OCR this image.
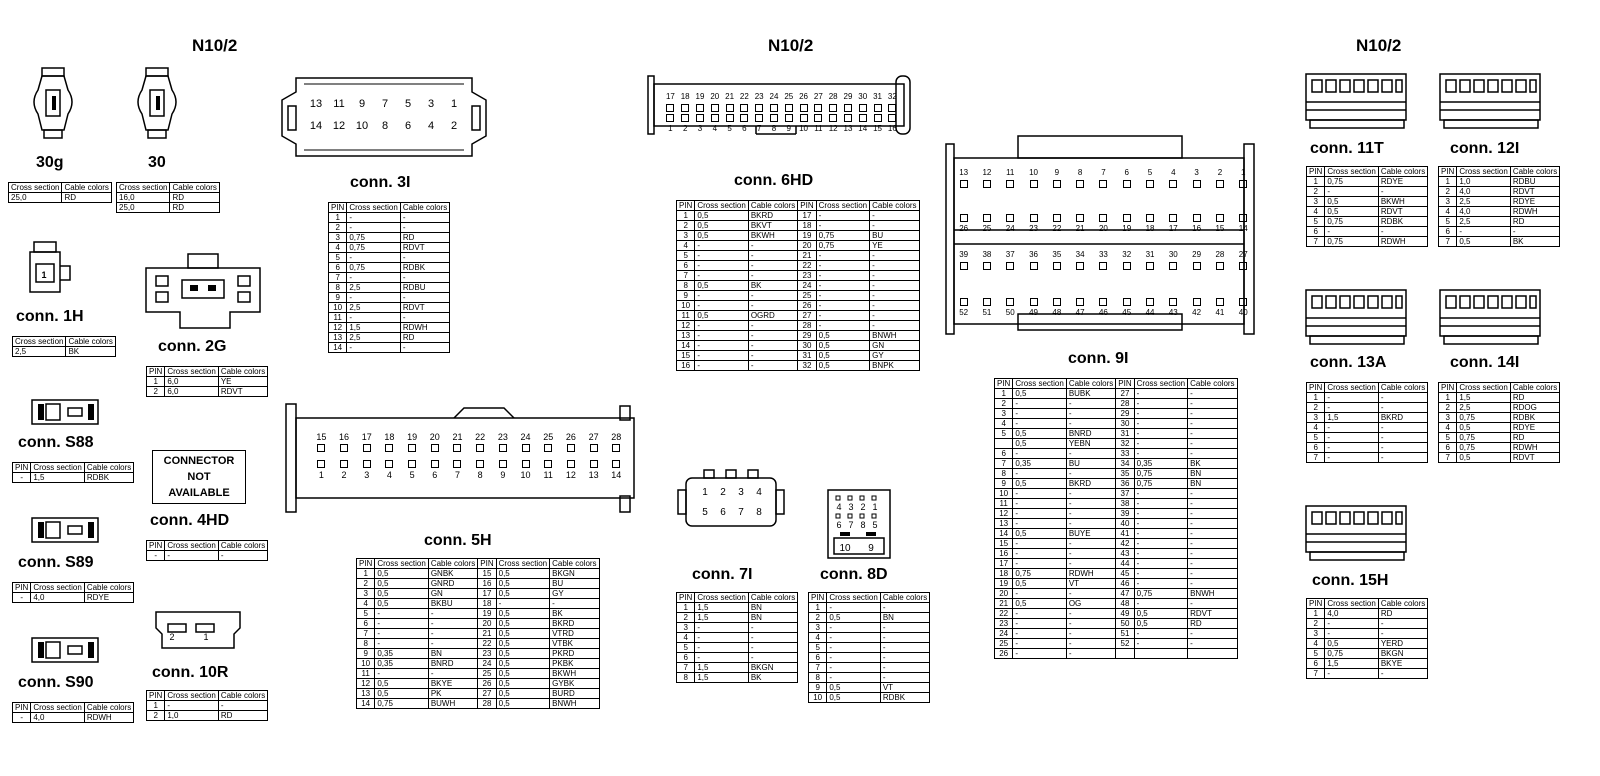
N10/2	N10/2	N10/2
30g
Cross section	Cable colors
25,0	RD
30
Cross section	Cable colors
16,0	RD
25,0	RD
1
conn. 1H
Cross section	Cable colors
2,5	BK	conn. 2G
PIN	Cross section	Cable colors
1	6,0	YE
2	6,0	RDVT
conn. S88
PIN	Cross section	Cable colors
-	1,5	RDBK
CONNECTOR
NOT
AVAILABLE
conn. 4HD
PIN	Cross section	Cable colors
-	-	-
conn. S89
PIN	Cross section	Cable colors
-	4,0	RDYE
2	1
conn. 10R
PIN	Cross section	Cable colors
1	-	-
2	1,0	RD
conn. S90
PIN	Cross section	Cable colors
-	4,0	RDWH
13 11	9	7	5	3	1
14 12 10	8	6	4	2
conn. 3I
PIN	Cross section	Cable colors
1	-	-
2	-	-
3	0,75	RD
4	0,75	RDVT
5	-	-
6	0,75	RDBK
7	-	-
8	2,5	RDBU
9	-	-
10	2,5	RDVT
11	-	-
12	1,5	RDWH
13	2,5	RD
14	-	-
15 16 17 18 19 20 21 22 23 24 25 26 27 28
1 2 3 4 5 6 7 8 9 10 11 12 13 14
conn. 5H
PIN	Cross section	Cable colors	PIN	Cross section	Cable colors
1	0,5	GNBK	15	0,5	BKGN
2	0,5	GNRD	16	0,5	BU
3	0,5	GN	17	0,5	GY
4	0,5	BKBU	18	-	-
5	-	-	19	0,5	BK
6	-	-	20	0,5	BKRD
7	-	-	21	0,5	VTRD
8	-	-	22	0,5	VTBK
9	0,35	BN	23	0,5	PKRD
10	0,35	BNRD	24	0,5	PKBK
11	-	-	25	0,5	BKWH
12	0,5	BKYE	26	0,5	GYBK
13	0,5	PK	27	0,5	BURD
14	0,75	BUWH	28	0,5	BNWH
17 18 19 20 21 22 23 24 25 26 27 28 29 30 31 32
1 2 3 4 5 6 7 8 9 10 11 12 13 14 15 16
conn. 6HD
PIN	Cross section	Cable colors	PIN	Cross section	Cable colors
1	0,5	BKRD	17	-	-
2	0,5	BKVT	18	-	-
3	0,5	BKWH	19	0,75	BU
4	-	-	20	0,75	YE
5	-	-	21	-	-
6	-	-	22	-	-
7	-	-	23	-	-
8	0,5	BK	24	-	-
9	-	-	25	-	-
10	-	-	26	-	-
11	0,5	OGRD	27	-	-
12	-	-	28	-	-
13	-	-	29	0,5	BNWH
14	-	-	30	0,5	GN
15	-	-	31	0,5	GY
16	-	-	32	0,5	BNPK
1	2	3	4
5	6	7	8
conn. 7I
PIN	Cross section	Cable colors
1	1,5	BN
2	1,5	BN
3	-	-
4	-	-
5	-	-
6	-	-
7	1,5	BKGN
8	1,5	BK
4 3 2 1
6 7 8 5
10	9
conn. 8D
PIN	Cross section	Cable colors
1	-	-
2	0,5	BN
3	-	-
4	-	-
5	-	-
6	-	-
7	-	-
8	-	-
9	0,5	VT
10	0,5	RDBK
13 12 11 10 9 8 7 6 5 4 3 2 1
26 25 24 23 22 21 20 19 18 17 16 15 14
39 38 37 36 35 34 33 32 31 30 29 28 27
52 51 50 49 48 47 46 45 44 43 42 41 40
conn. 9I
PIN	Cross section	Cable colors	PIN	Cross section	Cable colors
1	0,5	BUBK	27	-	-
2	-	-	28	-	-
3	-	-	29	-	-
4	-	-	30	-	-
5	0,5	BNRD	31	-	-
	0,5	YEBN	32	-	-
6	-	-	33	-	-
7	0,35	BU	34	0,35	BK
8	-	-	35	0,75	BN
9	0,5	BKRD	36	0,75	BN
10	-	-	37	-	-
11	-	-	38	-	-
12	-	-	39	-	-
13	-	-	40	-	-
14	0,5	BUYE	41	-	-
15	-	-	42	-	-
16	-	-	43	-	-
17	-	-	44	-	-
18	0,75	RDWH	45	-	-
19	0,5	VT	46	-	-
20	-	-	47	0,75	BNWH
21	0,5	OG	48	-	-
22	-	-	49	0,5	RDVT
23	-	-	50	0,5	RD
24	-	-	51	-	-
25	-	-	52	-	-
26	-	-			
conn. 11T
PIN	Cross section	Cable colors
1	0,75	RDYE
2	-	-
3	0,5	BKWH
4	0,5	RDVT
5	0,75	RDBK
6	-	-
7	0,75	RDWH
conn. 12I
PIN	Cross section	Cable colors
1	1,0	RDBU
2	4,0	RDVT
3	2,5	RDYE
4	4,0	RDWH
5	2,5	RD
6	-	-
7	0,5	BK
conn. 13A
PIN	Cross section	Cable colors
1	-	-
2	-	-
3	1,5	BKRD
4	-	-
5	-	-
6	-	-
7	-	-
conn. 14I
PIN	Cross section	Cable colors
1	1,5	RD
2	2,5	RDOG
3	0,75	RDBK
4	0,5	RDYE
5	0,75	RD
6	0,75	RDWH
7	0,5	RDVT
conn. 15H
PIN	Cross section	Cable colors
1	4,0	RD
2	-	-
3	-	-
4	0,5	YERD
5	0,75	BKGN
6	1,5	BKYE
7	-	-
